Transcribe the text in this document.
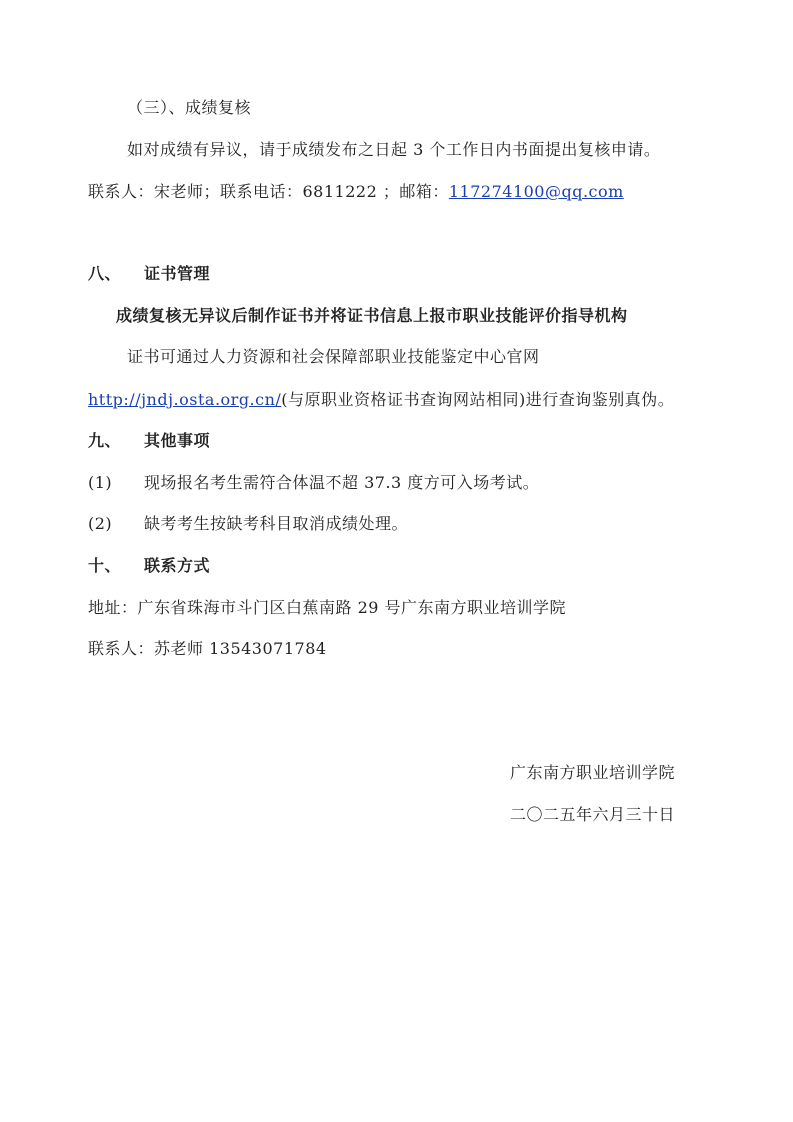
（三）、成绩复核
如对成绩有异议，请于成绩发布之日起 3 个工作日内书面提出复核申请。
联系人：宋老师；联系电话：6811222 ；邮箱：117274100@qq.com
八、 证书管理
成绩复核无异议后制作证书并将证书信息上报市职业技能评价指导机构
证书可通过人力资源和社会保障部职业技能鉴定中心官网
http://jndj.osta.org.cn/(与原职业资格证书查询网站相同)进行查询鉴别真伪。
九、 其他事项
(1) 现场报名考生需符合体温不超 37.3 度方可入场考试。
(2) 缺考考生按缺考科目取消成绩处理。
十、 联系方式
地址：广东省珠海市斗门区白蕉南路 29 号广东南方职业培训学院
联系人：苏老师 13543071784
广东南方职业培训学院
二〇二五年六月三十日
